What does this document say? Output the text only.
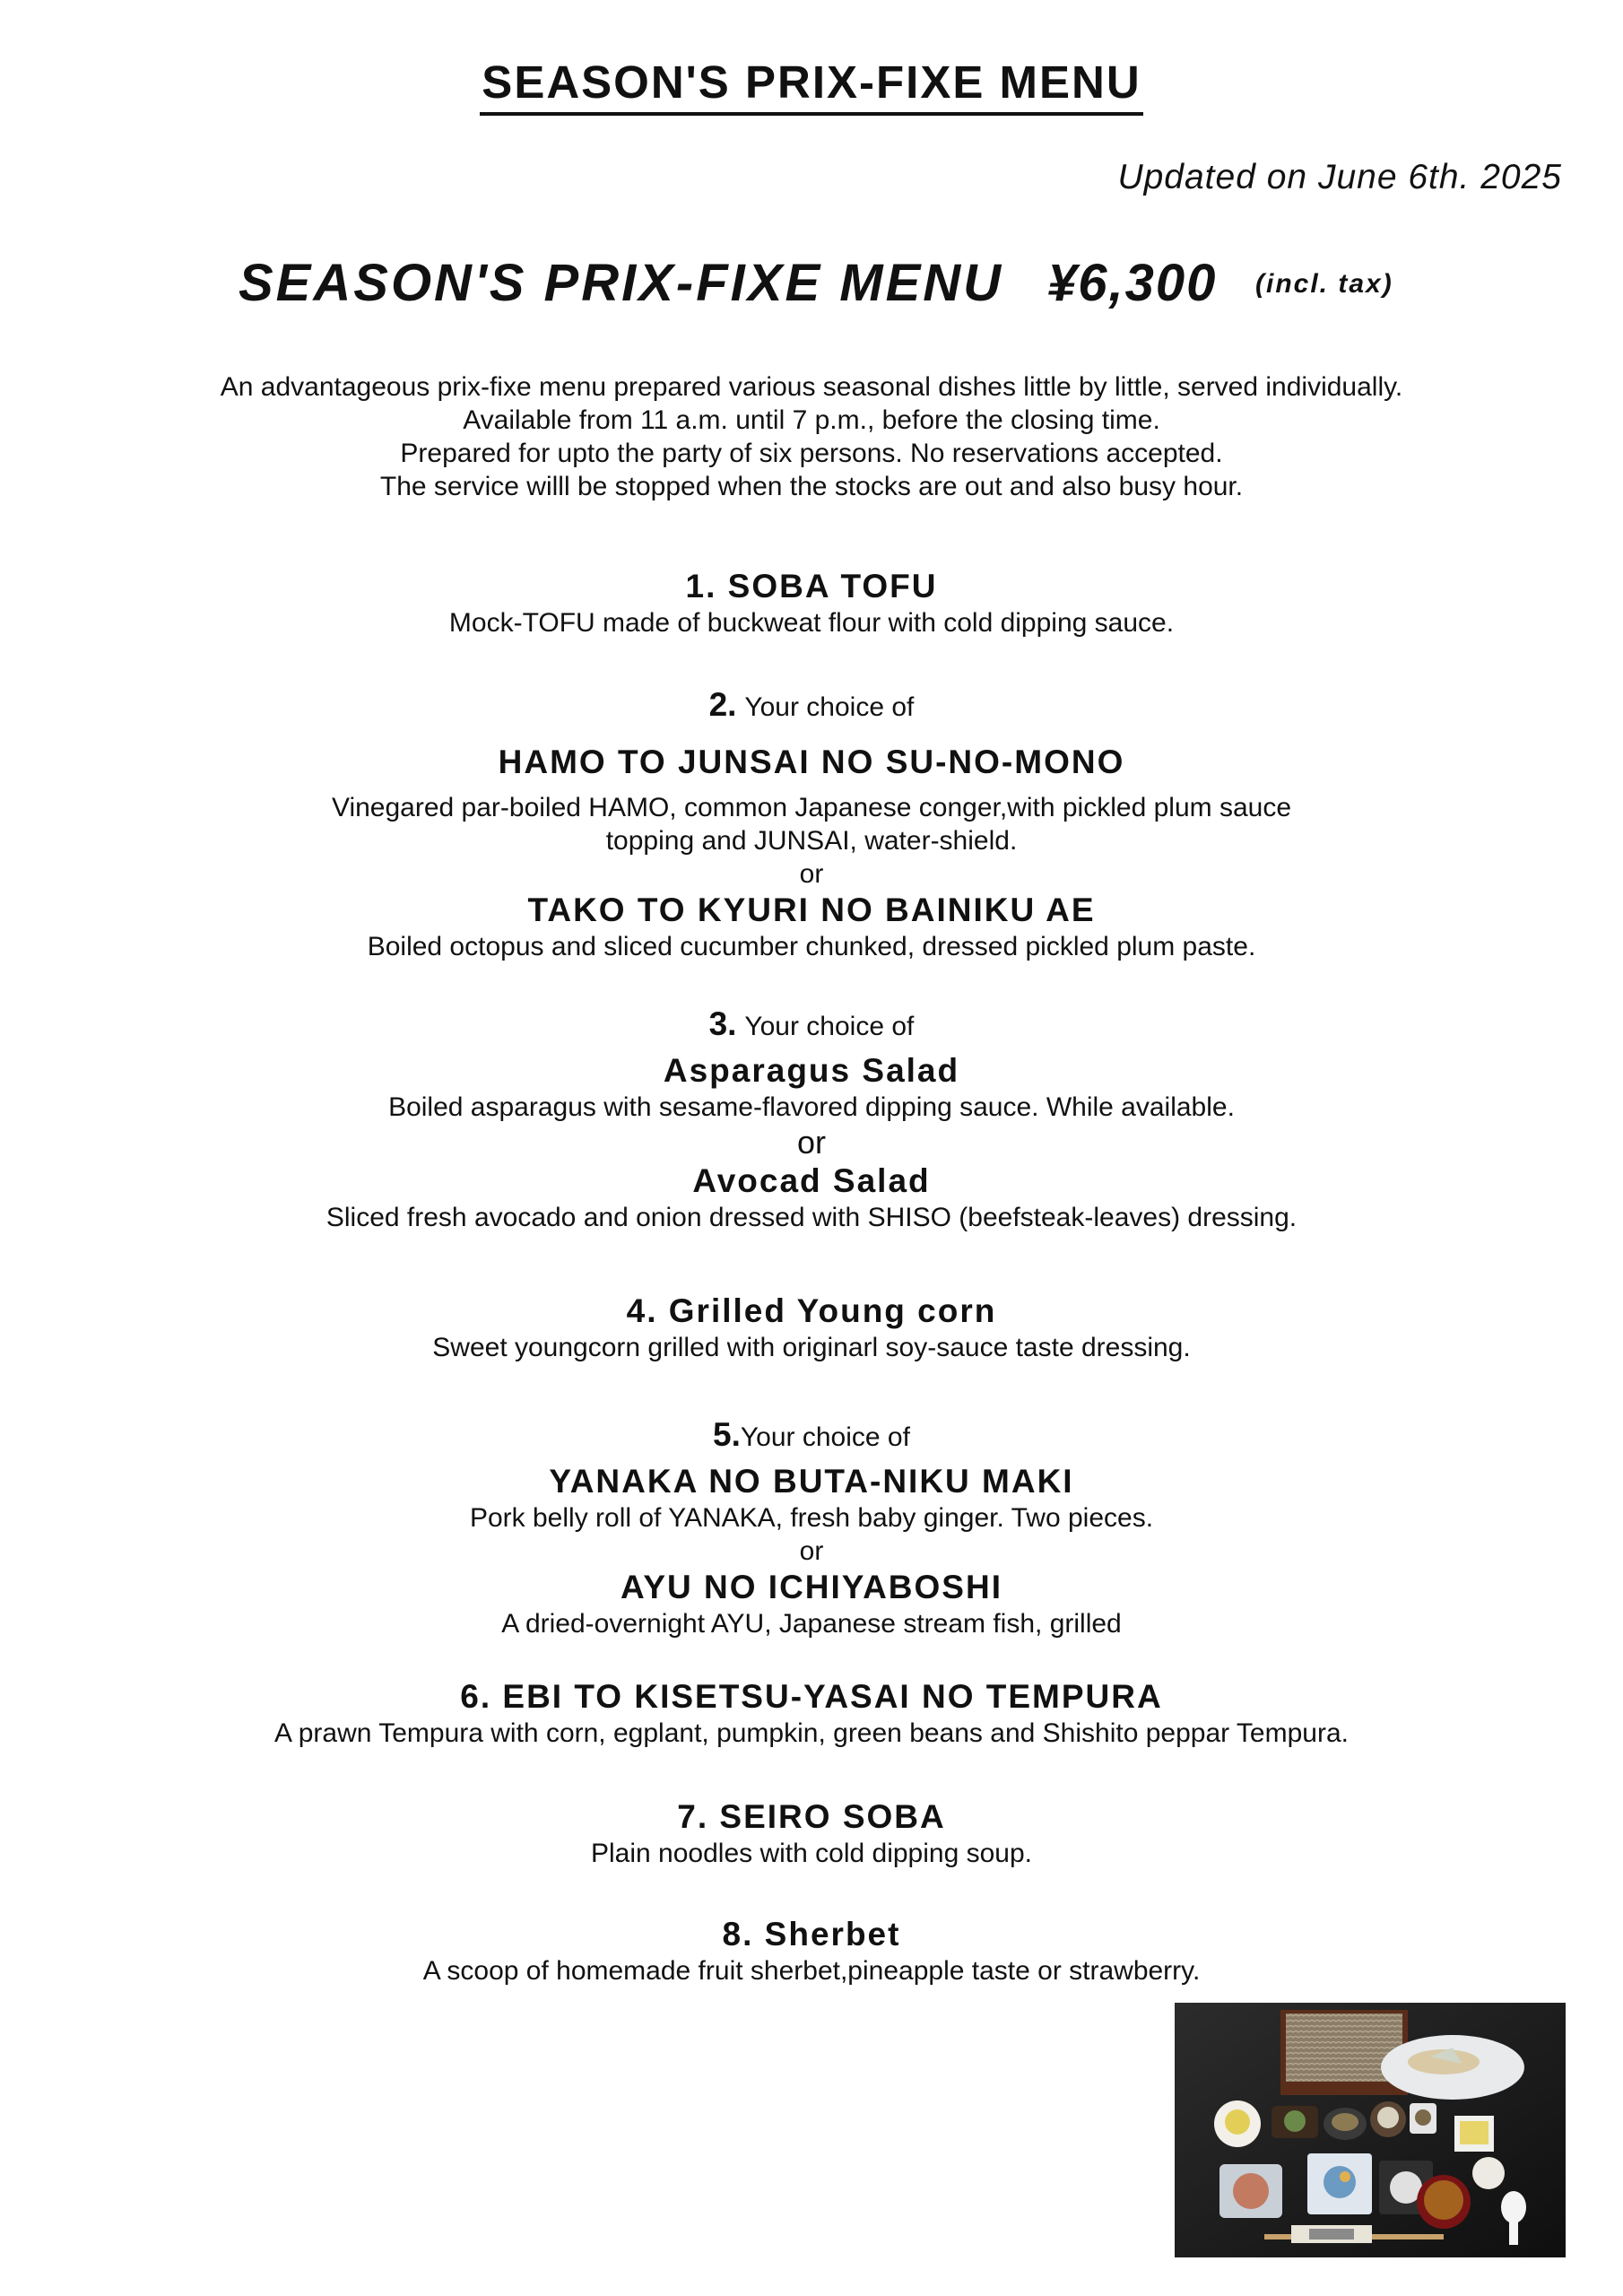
SEASON'S PRIX-FIXE MENU
Updated on June 6th. 2025
SEASON'S PRIX-FIXE MENU ¥6,300 (incl. tax)
An advantageous prix-fixe menu prepared various seasonal dishes little by little, served individually.
Available from 11 a.m. until 7 p.m., before the closing time.
Prepared for upto the party of six persons. No reservations accepted.
The service willl be stopped when the stocks are out and also busy hour.
1. SOBA TOFU
Mock-TOFU made of buckweat flour with cold dipping sauce.
2. Your choice of
HAMO TO JUNSAI NO SU-NO-MONO
Vinegared par-boiled HAMO, common Japanese conger,with pickled plum sauce
topping and JUNSAI, water-shield.
or
TAKO TO KYURI NO BAINIKU AE
Boiled octopus and sliced cucumber chunked, dressed pickled plum paste.
3. Your choice of
Asparagus Salad
Boiled asparagus with sesame-flavored dipping sauce. While available.
or
Avocad Salad
Sliced fresh avocado and onion dressed with SHISO (beefsteak-leaves) dressing.
4. Grilled Young corn
Sweet youngcorn grilled with originarl soy-sauce taste dressing.
5.Your choice of
YANAKA NO BUTA-NIKU MAKI
Pork belly roll of YANAKA, fresh baby ginger. Two pieces.
or
AYU NO ICHIYABOSHI
A dried-overnight AYU, Japanese stream fish, grilled
6. EBI TO KISETSU-YASAI NO TEMPURA
A prawn Tempura with corn, egplant, pumpkin, green beans and Shishito peppar Tempura.
7. SEIRO SOBA
Plain noodles with cold dipping soup.
8. Sherbet
A scoop of homemade fruit sherbet,pineapple taste or strawberry.
